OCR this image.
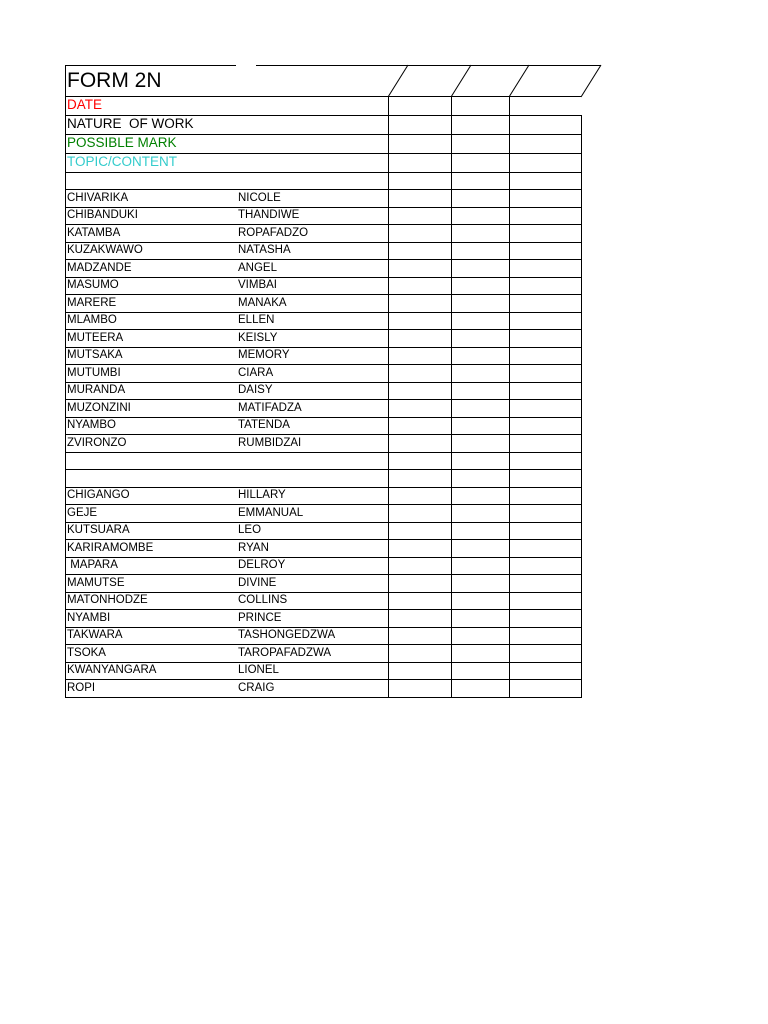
FORM 2N
DATE
NATURE  OF WORK
POSSIBLE MARK
TOPIC/CONTENT
CHIVARIKA	NICOLE
CHIBANDUKI	THANDIWE
KATAMBA	ROPAFADZO
KUZAKWAWO	NATASHA
MADZANDE	ANGEL
MASUMO	VIMBAI
MARERE	MANAKA
MLAMBO	ELLEN
MUTEERA	KEISLY
MUTSAKA	MEMORY
MUTUMBI	CIARA
MURANDA	DAISY
MUZONZINI	MATIFADZA
NYAMBO	TATENDA
ZVIRONZO	RUMBIDZAI
CHIGANGO	HILLARY
GEJE	EMMANUAL
KUTSUARA	LEO
KARIRAMOMBE	RYAN
MAPARA	DELROY
MAMUTSE	DIVINE
MATONHODZE	COLLINS
NYAMBI	PRINCE
TAKWARA	TASHONGEDZWA
TSOKA	TAROPAFADZWA
KWANYANGARA	LIONEL
ROPI	CRAIG
